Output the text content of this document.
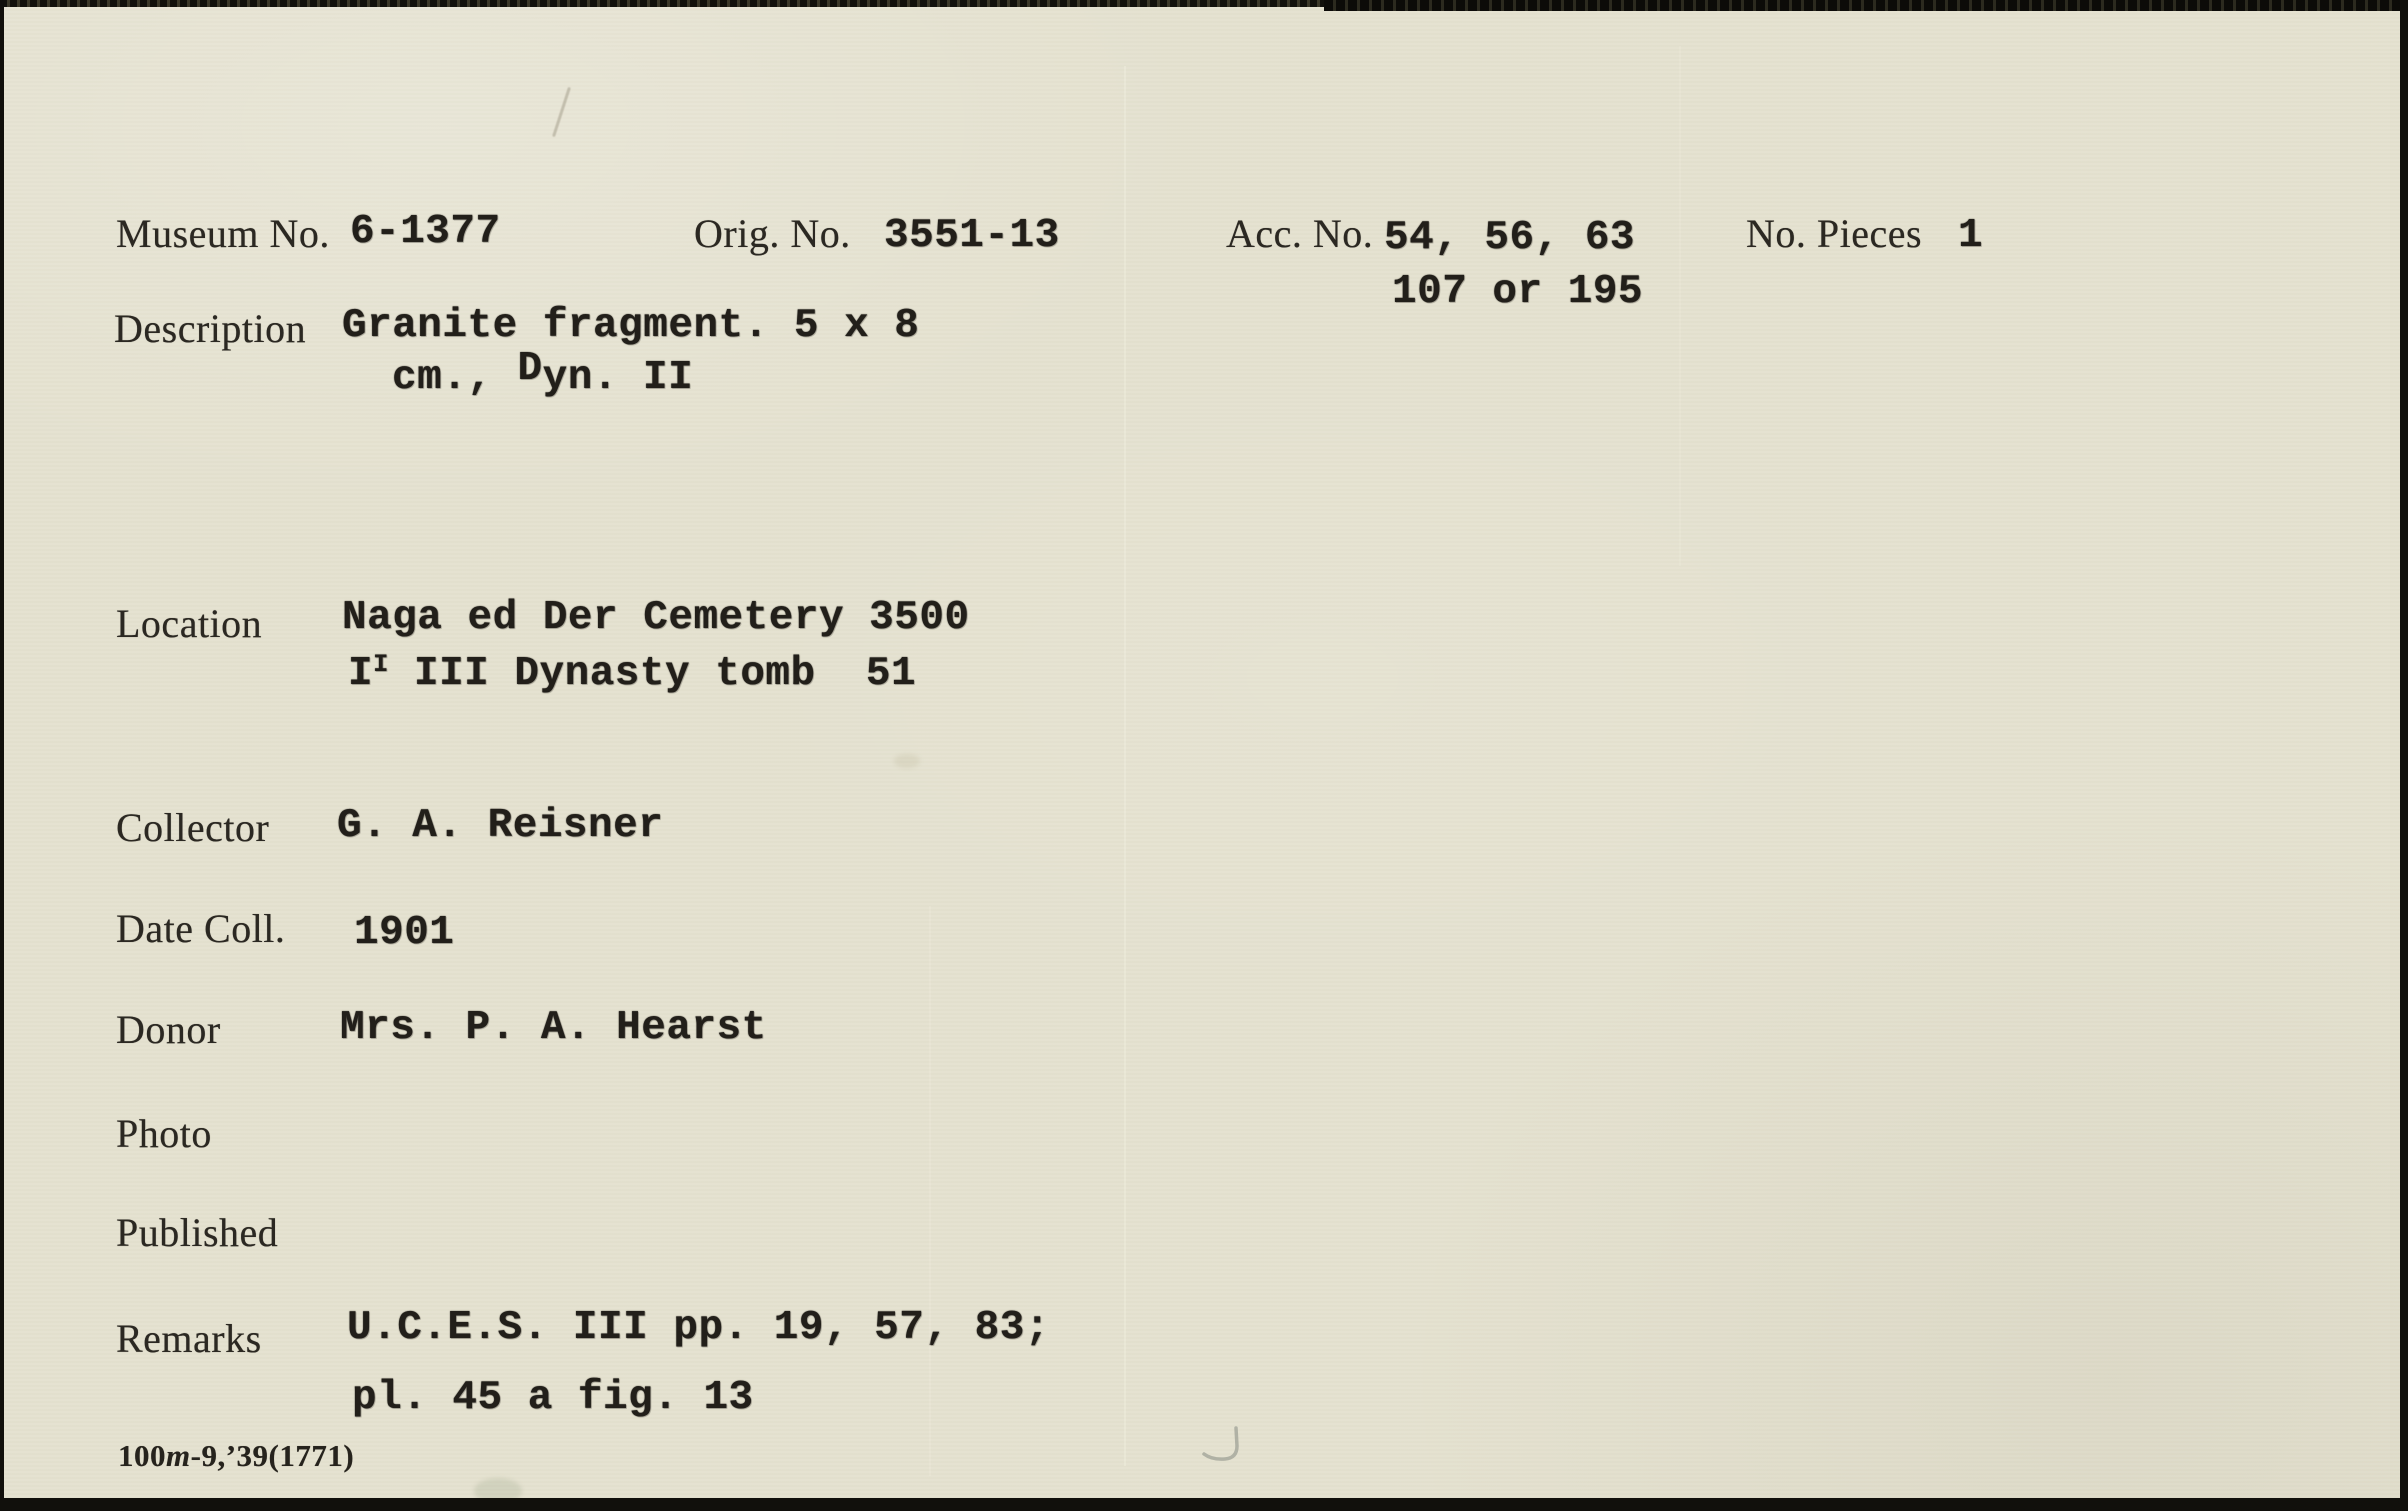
Museum No. 6-1377	Orig. No. 3551-13	Acc. No. 54, 56, 63
107 or 195
No. Pieces 1
Description Granite fragment. 5 x 8
cm., Dyn. II
Location Naga ed Der Cemetery 3500
$I^I$ III Dynasty tomb  51
Collector G. A. Reisner
Date Coll. 1901
Donor	Mrs. P. A. Hearst
Photo
Published
Remarks U.C.E.S. III pp. 19, 57, 83;
pl. 45 a fig. 13
100m-9,’39(1771)
